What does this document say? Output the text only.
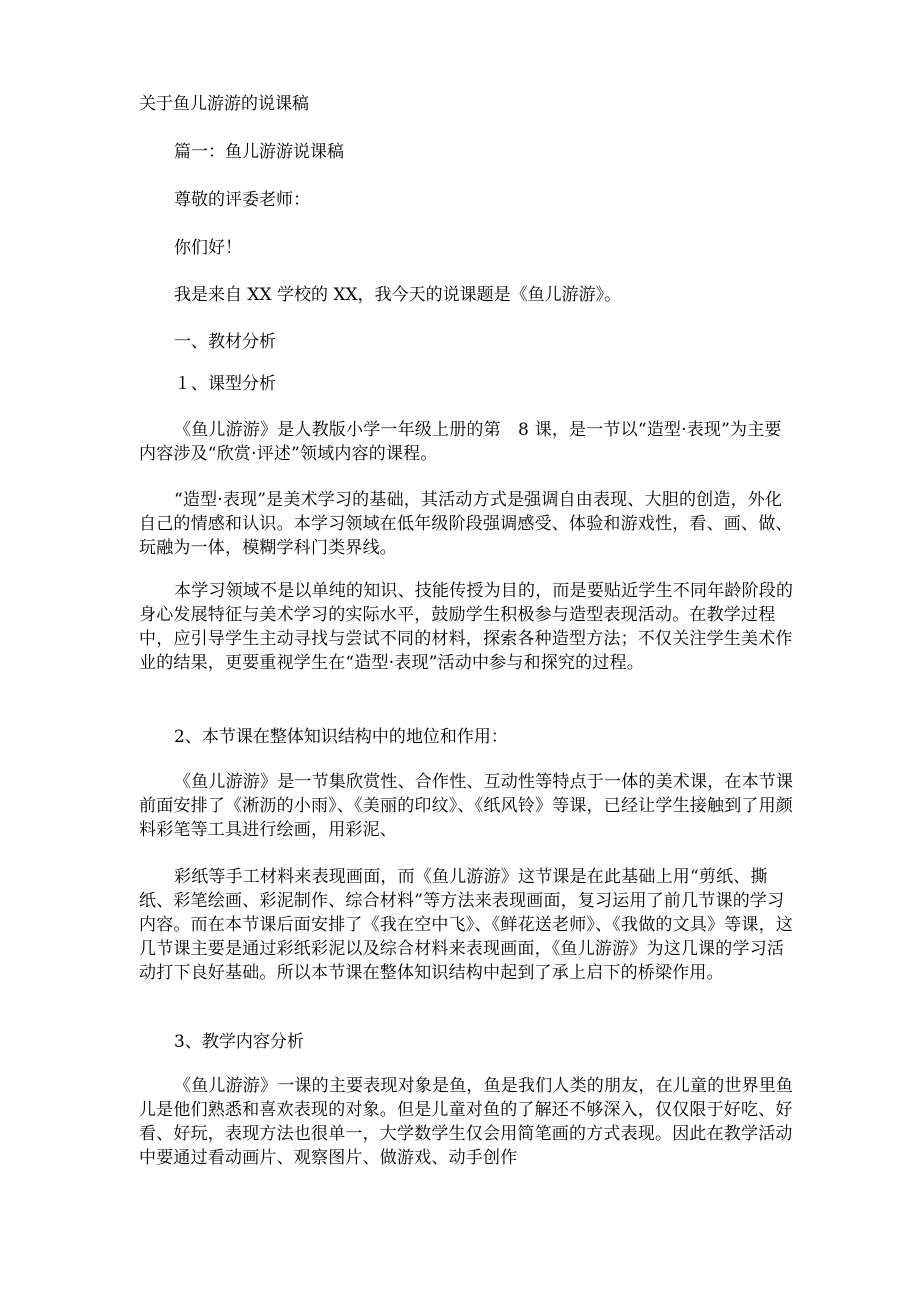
关于鱼儿游游的说课稿
篇一：鱼儿游游说课稿
尊敬的评委老师：
你们好！
我是来自 XX 学校的 XX，我今天的说课题是《鱼儿游游》。
一、教材分析
１、课型分析

《鱼儿游游》是人教版小学一年级上册的第　8 课，是一节以“造型·表现”为主要内容涉及“欣赏·评述”领域内容的课程。

“造型·表现”是美术学习的基础，其活动方式是强调自由表现、大胆的创造，外化自己的情感和认识。本学习领域在低年级阶段强调感受、体验和游戏性，看、画、做、玩融为一体，模糊学科门类界线。

本学习领域不是以单纯的知识、技能传授为目的，而是要贴近学生不同年龄阶段的身心发展特征与美术学习的实际水平，鼓励学生积极参与造型表现活动。在教学过程中，应引导学生主动寻找与尝试不同的材料，探索各种造型方法；不仅关注学生美术作业的结果，更要重视学生在“造型·表现”活动中参与和探究的过程。

2、本节课在整体知识结构中的地位和作用：

《鱼儿游游》是一节集欣赏性、合作性、互动性等特点于一体的美术课，在本节课前面安排了《淅沥的小雨》、《美丽的印纹》、《纸风铃》等课，已经让学生接触到了用颜料彩笔等工具进行绘画，用彩泥、

彩纸等手工材料来表现画面，而《鱼儿游游》这节课是在此基础上用“剪纸、撕纸、彩笔绘画、彩泥制作、综合材料”等方法来表现画面，复习运用了前几节课的学习内容。而在本节课后面安排了《我在空中飞》、《鲜花送老师》、《我做的文具》等课，这几节课主要是通过彩纸彩泥以及综合材料来表现画面，《鱼儿游游》为这几课的学习活动打下良好基础。所以本节课在整体知识结构中起到了承上启下的桥梁作用。

3、教学内容分析

《鱼儿游游》一课的主要表现对象是鱼，鱼是我们人类的朋友，在儿童的世界里鱼儿是他们熟悉和喜欢表现的对象。但是儿童对鱼的了解还不够深入，仅仅限于好吃、好看、好玩，表现方法也很单一，大学数学生仅会用简笔画的方式表现。因此在教学活动中要通过看动画片、观察图片、做游戏、动手创作
